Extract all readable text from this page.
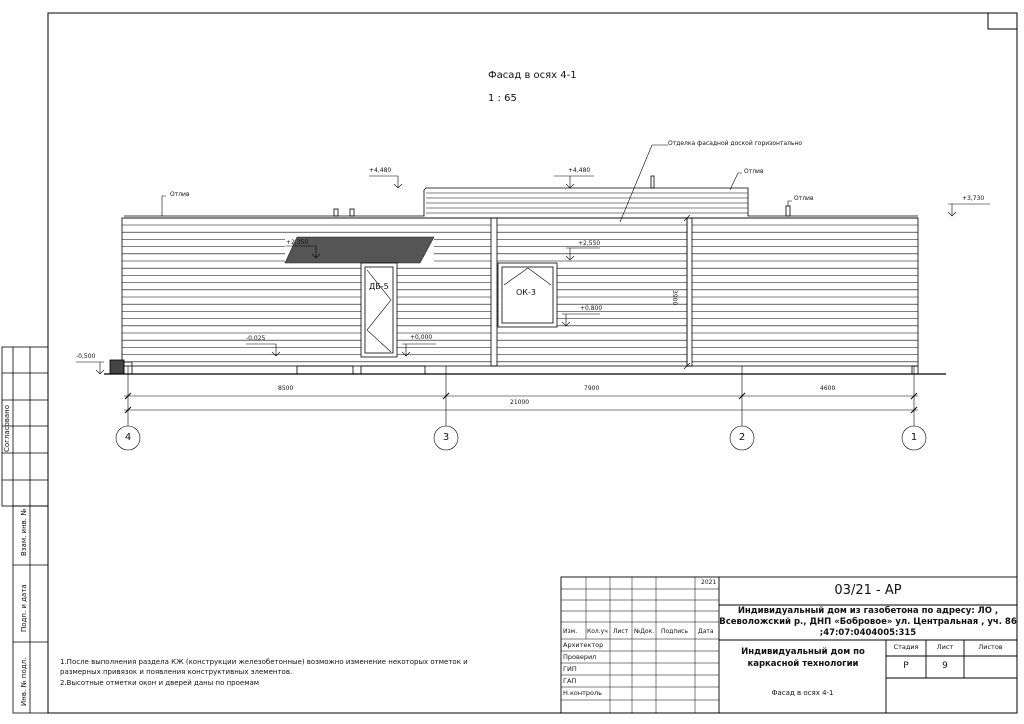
Фасад в осях 4-1
1 : 65
Отделка фасадной доской горизонтально
Отлив
Отлив
Отлив
+4,480	+4,480
+3,730
+2,350	+2,550
+0,800
+0,000
-0,025
-0,500
ДБ-5
ОК-3	3900
8500	7900	4600
21000
4	3	2	1
Согласовано
Взам. инв. №
Подп. и дата
Инв. № подл.	1.После выполнения раздела КЖ (конструкции железобетонные) возможно изменение некоторых отметок и
размерных привязок и появления конструктивных элементов.
2.Высотные отметки окон и дверей даны по проемам
2021
03/21 - АР
Индивидуальный дом из газобетона по адресу: ЛО ,
Всеволожский р., ДНП «Бобровое» ул. Центральная , уч. 86
;47:07:0404005:315
Изм. Кол.уч Лист №Док. Подпись Дата
Архитектор
Проверил
ГИП
ГАП
Н.контроль
Индивидуальный дом по каркасной технологии
Стадия	Лист	Листов
Р	9
Фасад в осях 4-1
